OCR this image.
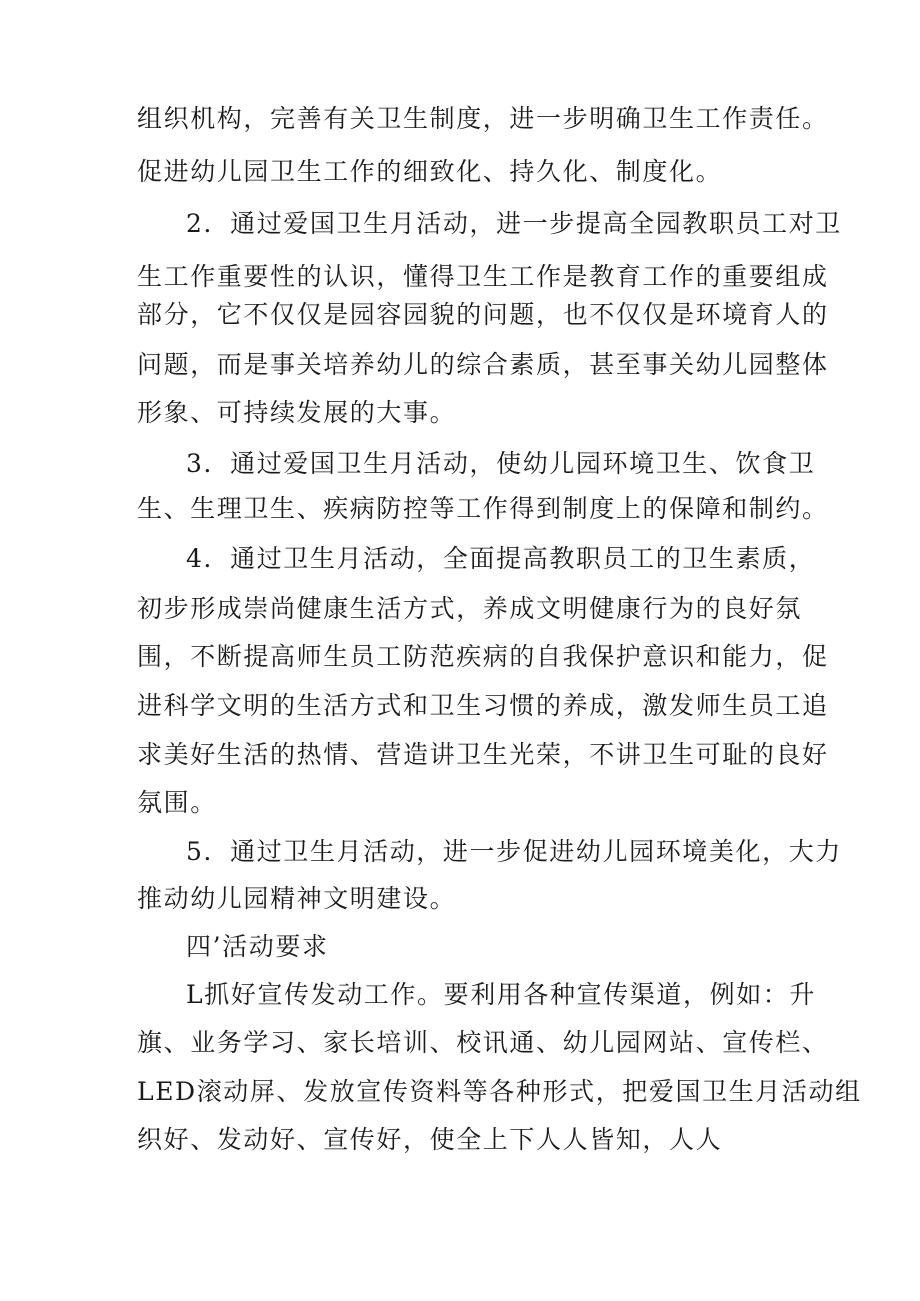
组织机构，完善有关卫生制度，进一步明确卫生工作责任。
促进幼儿园卫生工作的细致化、持久化、制度化。
2．通过爱国卫生月活动，进一步提高全园教职员工对卫
生工作重要性的认识，懂得卫生工作是教育工作的重要组成
部分，它不仅仅是园容园貌的问题，也不仅仅是环境育人的
问题，而是事关培养幼儿的综合素质，甚至事关幼儿园整体
形象、可持续发展的大事。
3．通过爱国卫生月活动，使幼儿园环境卫生、饮食卫
生、生理卫生、疾病防控等工作得到制度上的保障和制约。
4．通过卫生月活动，全面提高教职员工的卫生素质，
初步形成崇尚健康生活方式，养成文明健康行为的良好氛
围，不断提高师生员工防范疾病的自我保护意识和能力，促
进科学文明的生活方式和卫生习惯的养成，激发师生员工追
求美好生活的热情、营造讲卫生光荣，不讲卫生可耻的良好
氛围。
5．通过卫生月活动，进一步促进幼儿园环境美化，大力
推动幼儿园精神文明建设。
四’活动要求
L抓好宣传发动工作。要利用各种宣传渠道，例如：升
旗、业务学习、家长培训、校讯通、幼儿园网站、宣传栏、
LED滚动屏、发放宣传资料等各种形式，把爱国卫生月活动组
织好、发动好、宣传好，使全上下人人皆知，人人
